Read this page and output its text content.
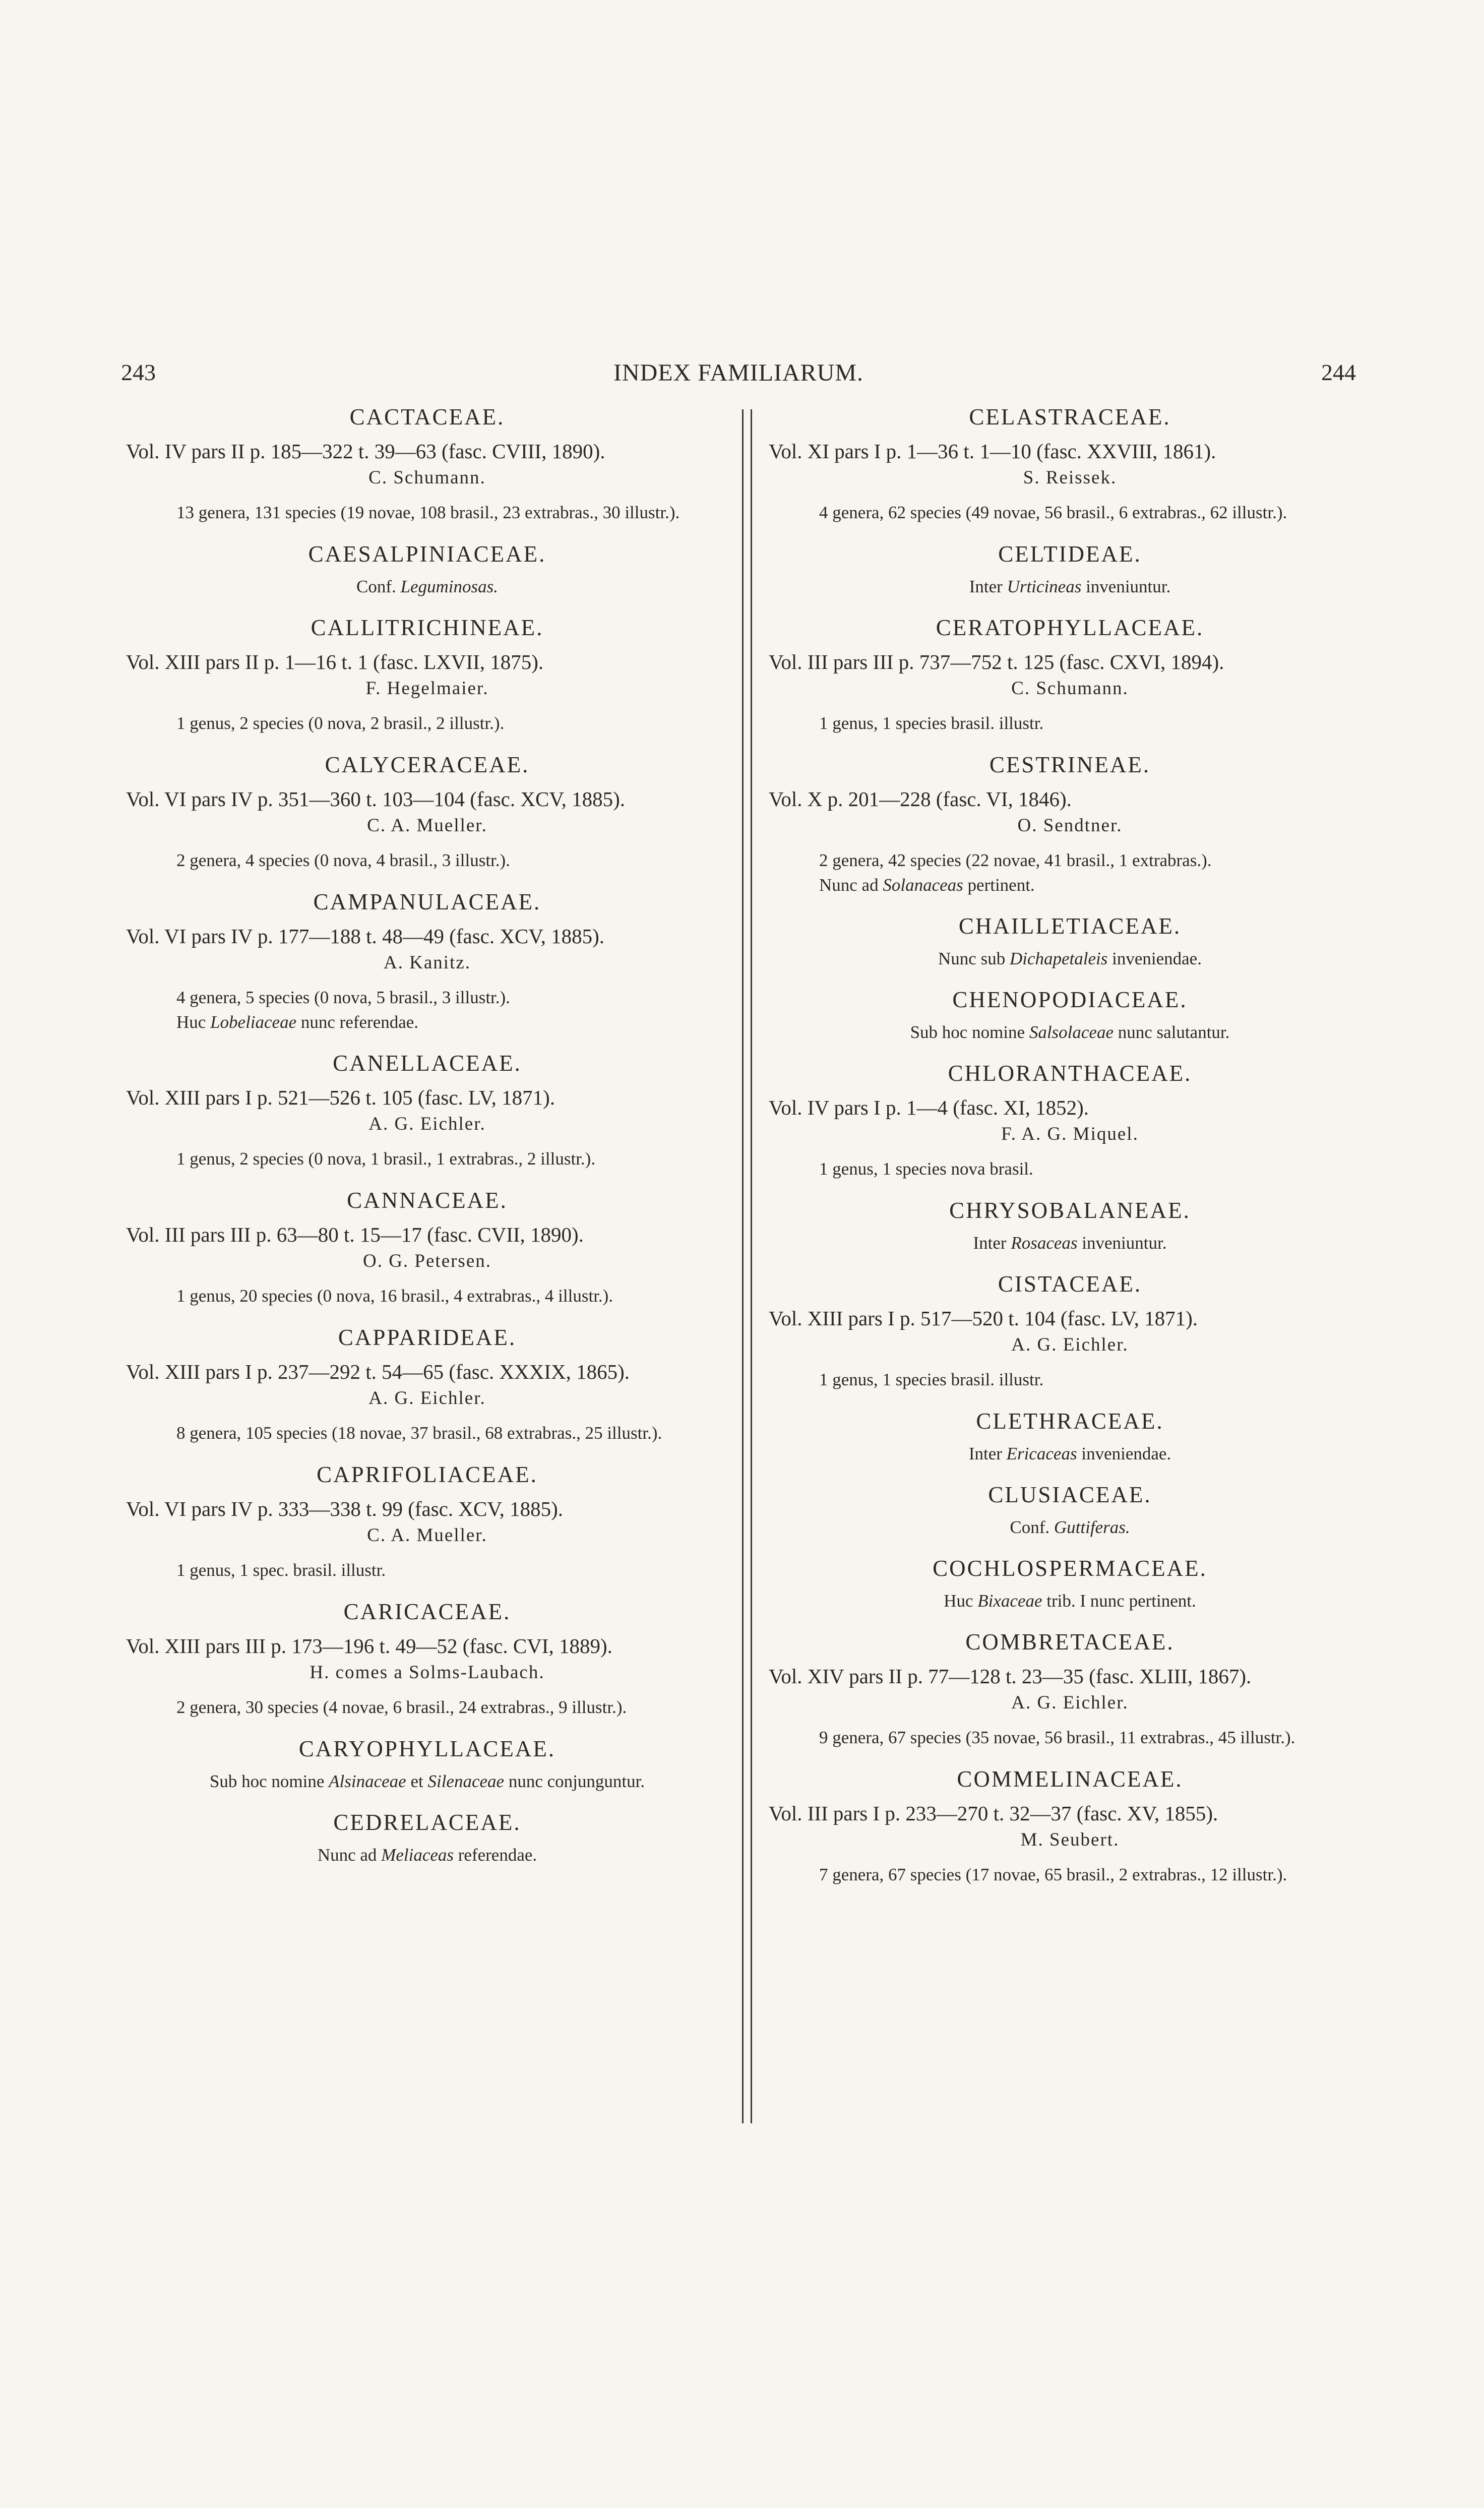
243	INDEX FAMILIARUM.	244
CACTACEAE.
Vol. IV pars II p. 185—322 t. 39—63 (fasc. CVIII, 1890).
C. Schumann.
13 genera, 131 species (19 novae, 108 brasil., 23 extrabras., 30 illustr.).
CAESALPINIACEAE.
Conf. Leguminosas.
CALLITRICHINEAE.
Vol. XIII pars II p. 1—16 t. 1 (fasc. LXVII, 1875).
F. Hegelmaier.
1 genus, 2 species (0 nova, 2 brasil., 2 illustr.).
CALYCERACEAE.
Vol. VI pars IV p. 351—360 t. 103—104 (fasc. XCV, 1885).
C. A. Mueller.
2 genera, 4 species (0 nova, 4 brasil., 3 illustr.).
CAMPANULACEAE.
Vol. VI pars IV p. 177—188 t. 48—49 (fasc. XCV, 1885).
A. Kanitz.
4 genera, 5 species (0 nova, 5 brasil., 3 illustr.).
Huc Lobeliaceae nunc referendae.
CANELLACEAE.
Vol. XIII pars I p. 521—526 t. 105 (fasc. LV, 1871).
A. G. Eichler.
1 genus, 2 species (0 nova, 1 brasil., 1 extrabras., 2 illustr.).
CANNACEAE.
Vol. III pars III p. 63—80 t. 15—17 (fasc. CVII, 1890).
O. G. Petersen.
1 genus, 20 species (0 nova, 16 brasil., 4 extrabras., 4 illustr.).
CAPPARIDEAE.
Vol. XIII pars I p. 237—292 t. 54—65 (fasc. XXXIX, 1865).
A. G. Eichler.
8 genera, 105 species (18 novae, 37 brasil., 68 extrabras., 25 illustr.).
CAPRIFOLIACEAE.
Vol. VI pars IV p. 333—338 t. 99 (fasc. XCV, 1885).
C. A. Mueller.
1 genus, 1 spec. brasil. illustr.
CARICACEAE.
Vol. XIII pars III p. 173—196 t. 49—52 (fasc. CVI, 1889).
H. comes a Solms-Laubach.
2 genera, 30 species (4 novae, 6 brasil., 24 extrabras., 9 illustr.).
CARYOPHYLLACEAE.
Sub hoc nomine Alsinaceae et Silenaceae nunc conjunguntur.
CEDRELACEAE.
Nunc ad Meliaceas referendae.
CELASTRACEAE.
Vol. XI pars I p. 1—36 t. 1—10 (fasc. XXVIII, 1861).
S. Reissek.
4 genera, 62 species (49 novae, 56 brasil., 6 extrabras., 62 illustr.).
CELTIDEAE.
Inter Urticineas inveniuntur.
CERATOPHYLLACEAE.
Vol. III pars III p. 737—752 t. 125 (fasc. CXVI, 1894).
C. Schumann.
1 genus, 1 species brasil. illustr.
CESTRINEAE.
Vol. X p. 201—228 (fasc. VI, 1846).
O. Sendtner.
2 genera, 42 species (22 novae, 41 brasil., 1 extrabras.).
Nunc ad Solanaceas pertinent.
CHAILLETIACEAE.
Nunc sub Dichapetaleis inveniendae.
CHENOPODIACEAE.
Sub hoc nomine Salsolaceae nunc salutantur.
CHLORANTHACEAE.
Vol. IV pars I p. 1—4 (fasc. XI, 1852).
F. A. G. Miquel.
1 genus, 1 species nova brasil.
CHRYSOBALANEAE.
Inter Rosaceas inveniuntur.
CISTACEAE.
Vol. XIII pars I p. 517—520 t. 104 (fasc. LV, 1871).
A. G. Eichler.
1 genus, 1 species brasil. illustr.
CLETHRACEAE.
Inter Ericaceas inveniendae.
CLUSIACEAE.
Conf. Guttiferas.
COCHLOSPERMACEAE.
Huc Bixaceae trib. I nunc pertinent.
COMBRETACEAE.
Vol. XIV pars II p. 77—128 t. 23—35 (fasc. XLIII, 1867).
A. G. Eichler.
9 genera, 67 species (35 novae, 56 brasil., 11 extrabras., 45 illustr.).
COMMELINACEAE.
Vol. III pars I p. 233—270 t. 32—37 (fasc. XV, 1855).
M. Seubert.
7 genera, 67 species (17 novae, 65 brasil., 2 extrabras., 12 illustr.).
